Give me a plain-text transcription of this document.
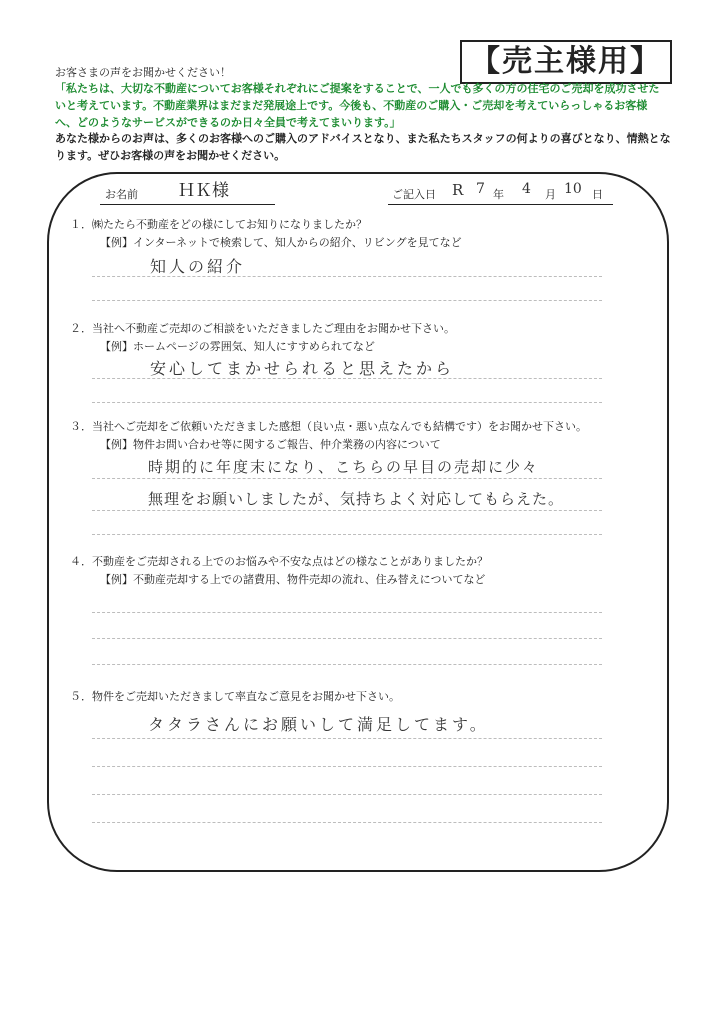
【売主様用】
お客さまの声をお聞かせください！
「私たちは、大切な不動産についてお客様それぞれにご提案をすることで、一人でも多くの方の住宅のご売却を成功させたいと考えています。不動産業界はまだまだ発展途上です。今後も、不動産のご購入・ご売却を考えていらっしゃるお客様へ、どのようなサービスができるのか日々全員で考えてまいります。」
あなた様からのお声は、多くのお客様へのご購入のアドバイスとなり、また私たちスタッフの何よりの喜びとなり、情熱となります。ぜひお客様の声をお聞かせください。
お名前 ＨＫ様	ご記入日 R 7 年 4 月 10 日
１．㈱たたら不動産をどの様にしてお知りになりましたか？
【例】インターネットで検索して、知人からの紹介、リビングを見てなど
知人の紹介
２．当社へ不動産ご売却のご相談をいただきましたご理由をお聞かせ下さい。
【例】ホームページの雰囲気、知人にすすめられてなど
安心してまかせられると思えたから
３．当社へご売却をご依頼いただきました感想（良い点・悪い点なんでも結構です）をお聞かせ下さい。
【例】物件お問い合わせ等に関するご報告、仲介業務の内容について
時期的に年度末になり、こちらの早目の売却に少々
無理をお願いしましたが、気持ちよく対応してもらえた。
４．不動産をご売却される上でのお悩みや不安な点はどの様なことがありましたか？
【例】不動産売却する上での諸費用、物件売却の流れ、住み替えについてなど
５．物件をご売却いただきまして率直なご意見をお聞かせ下さい。
タタラさんにお願いして満足してます。
